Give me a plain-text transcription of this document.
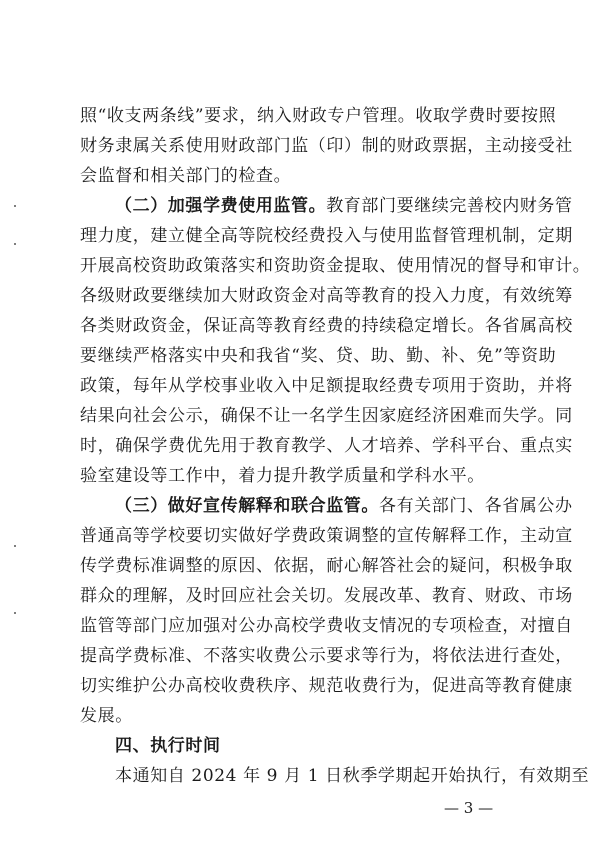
照“收支两条线”要求，纳入财政专户管理。收取学费时要按照
财务隶属关系使用财政部门监（印）制的财政票据，主动接受社
会监督和相关部门的检查。
（二）加强学费使用监管。教育部门要继续完善校内财务管
理力度，建立健全高等院校经费投入与使用监督管理机制，定期
开展高校资助政策落实和资助资金提取、使用情况的督导和审计。
各级财政要继续加大财政资金对高等教育的投入力度，有效统筹
各类财政资金，保证高等教育经费的持续稳定增长。各省属高校
要继续严格落实中央和我省“奖、贷、助、勤、补、免”等资助
政策，每年从学校事业收入中足额提取经费专项用于资助，并将
结果向社会公示，确保不让一名学生因家庭经济困难而失学。同
时，确保学费优先用于教育教学、人才培养、学科平台、重点实
验室建设等工作中，着力提升教学质量和学科水平。
（三）做好宣传解释和联合监管。各有关部门、各省属公办
普通高等学校要切实做好学费政策调整的宣传解释工作，主动宣
传学费标准调整的原因、依据，耐心解答社会的疑问，积极争取
群众的理解，及时回应社会关切。发展改革、教育、财政、市场
监管等部门应加强对公办高校学费收支情况的专项检查，对擅自
提高学费标准、不落实收费公示要求等行为，将依法进行查处，
切实维护公办高校收费秩序、规范收费行为，促进高等教育健康
发展。
四、执行时间
本通知自 2024 年 9 月 1 日秋季学期起开始执行，有效期至
— 3 —
